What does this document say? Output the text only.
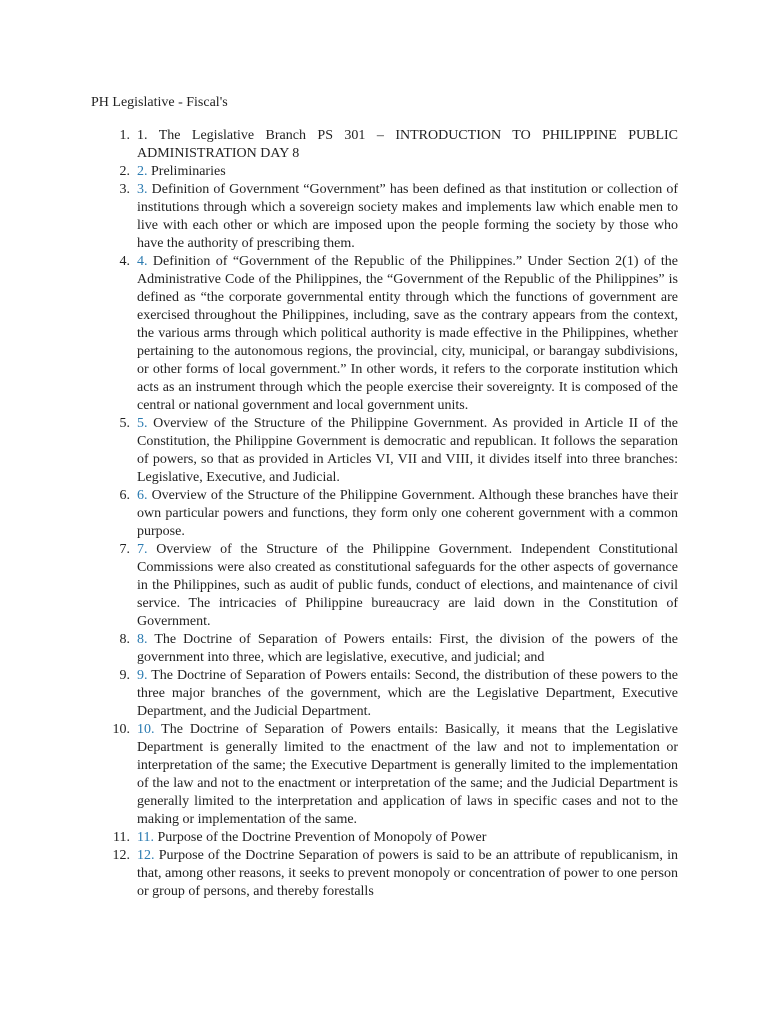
PH Legislative - Fiscal's
1. 1. The Legislative Branch PS 301 – INTRODUCTION TO PHILIPPINE PUBLIC ADMINISTRATION DAY 8
2. 2. Preliminaries
3. 3. Definition of Government “Government” has been defined as that institution or collection of institutions through which a sovereign society makes and implements law which enable men to live with each other or which are imposed upon the people forming the society by those who have the authority of prescribing them.
4. 4. Definition of “Government of the Republic of the Philippines.” Under Section 2(1) of the Administrative Code of the Philippines, the “Government of the Republic of the Philippines” is defined as “the corporate governmental entity through which the functions of government are exercised throughout the Philippines, including, save as the contrary appears from the context, the various arms through which political authority is made effective in the Philippines, whether pertaining to the autonomous regions, the provincial, city, municipal, or barangay subdivisions, or other forms of local government.” In other words, it refers to the corporate institution which acts as an instrument through which the people exercise their sovereignty. It is composed of the central or national government and local government units.
5. 5. Overview of the Structure of the Philippine Government. As provided in Article II of the Constitution, the Philippine Government is democratic and republican. It follows the separation of powers, so that as provided in Articles VI, VII and VIII, it divides itself into three branches: Legislative, Executive, and Judicial.
6. 6. Overview of the Structure of the Philippine Government. Although these branches have their own particular powers and functions, they form only one coherent government with a common purpose.
7. 7. Overview of the Structure of the Philippine Government. Independent Constitutional Commissions were also created as constitutional safeguards for the other aspects of governance in the Philippines, such as audit of public funds, conduct of elections, and maintenance of civil service. The intricacies of Philippine bureaucracy are laid down in the Constitution of Government.
8. 8. The Doctrine of Separation of Powers entails: First, the division of the powers of the government into three, which are legislative, executive, and judicial; and
9. 9. The Doctrine of Separation of Powers entails: Second, the distribution of these powers to the three major branches of the government, which are the Legislative Department, Executive Department, and the Judicial Department.
10. 10. The Doctrine of Separation of Powers entails: Basically, it means that the Legislative Department is generally limited to the enactment of the law and not to implementation or interpretation of the same; the Executive Department is generally limited to the implementation of the law and not to the enactment or interpretation of the same; and the Judicial Department is generally limited to the interpretation and application of laws in specific cases and not to the making or implementation of the same.
11. 11. Purpose of the Doctrine Prevention of Monopoly of Power
12. 12. Purpose of the Doctrine Separation of powers is said to be an attribute of republicanism, in that, among other reasons, it seeks to prevent monopoly or concentration of power to one person or group of persons, and thereby forestalls
